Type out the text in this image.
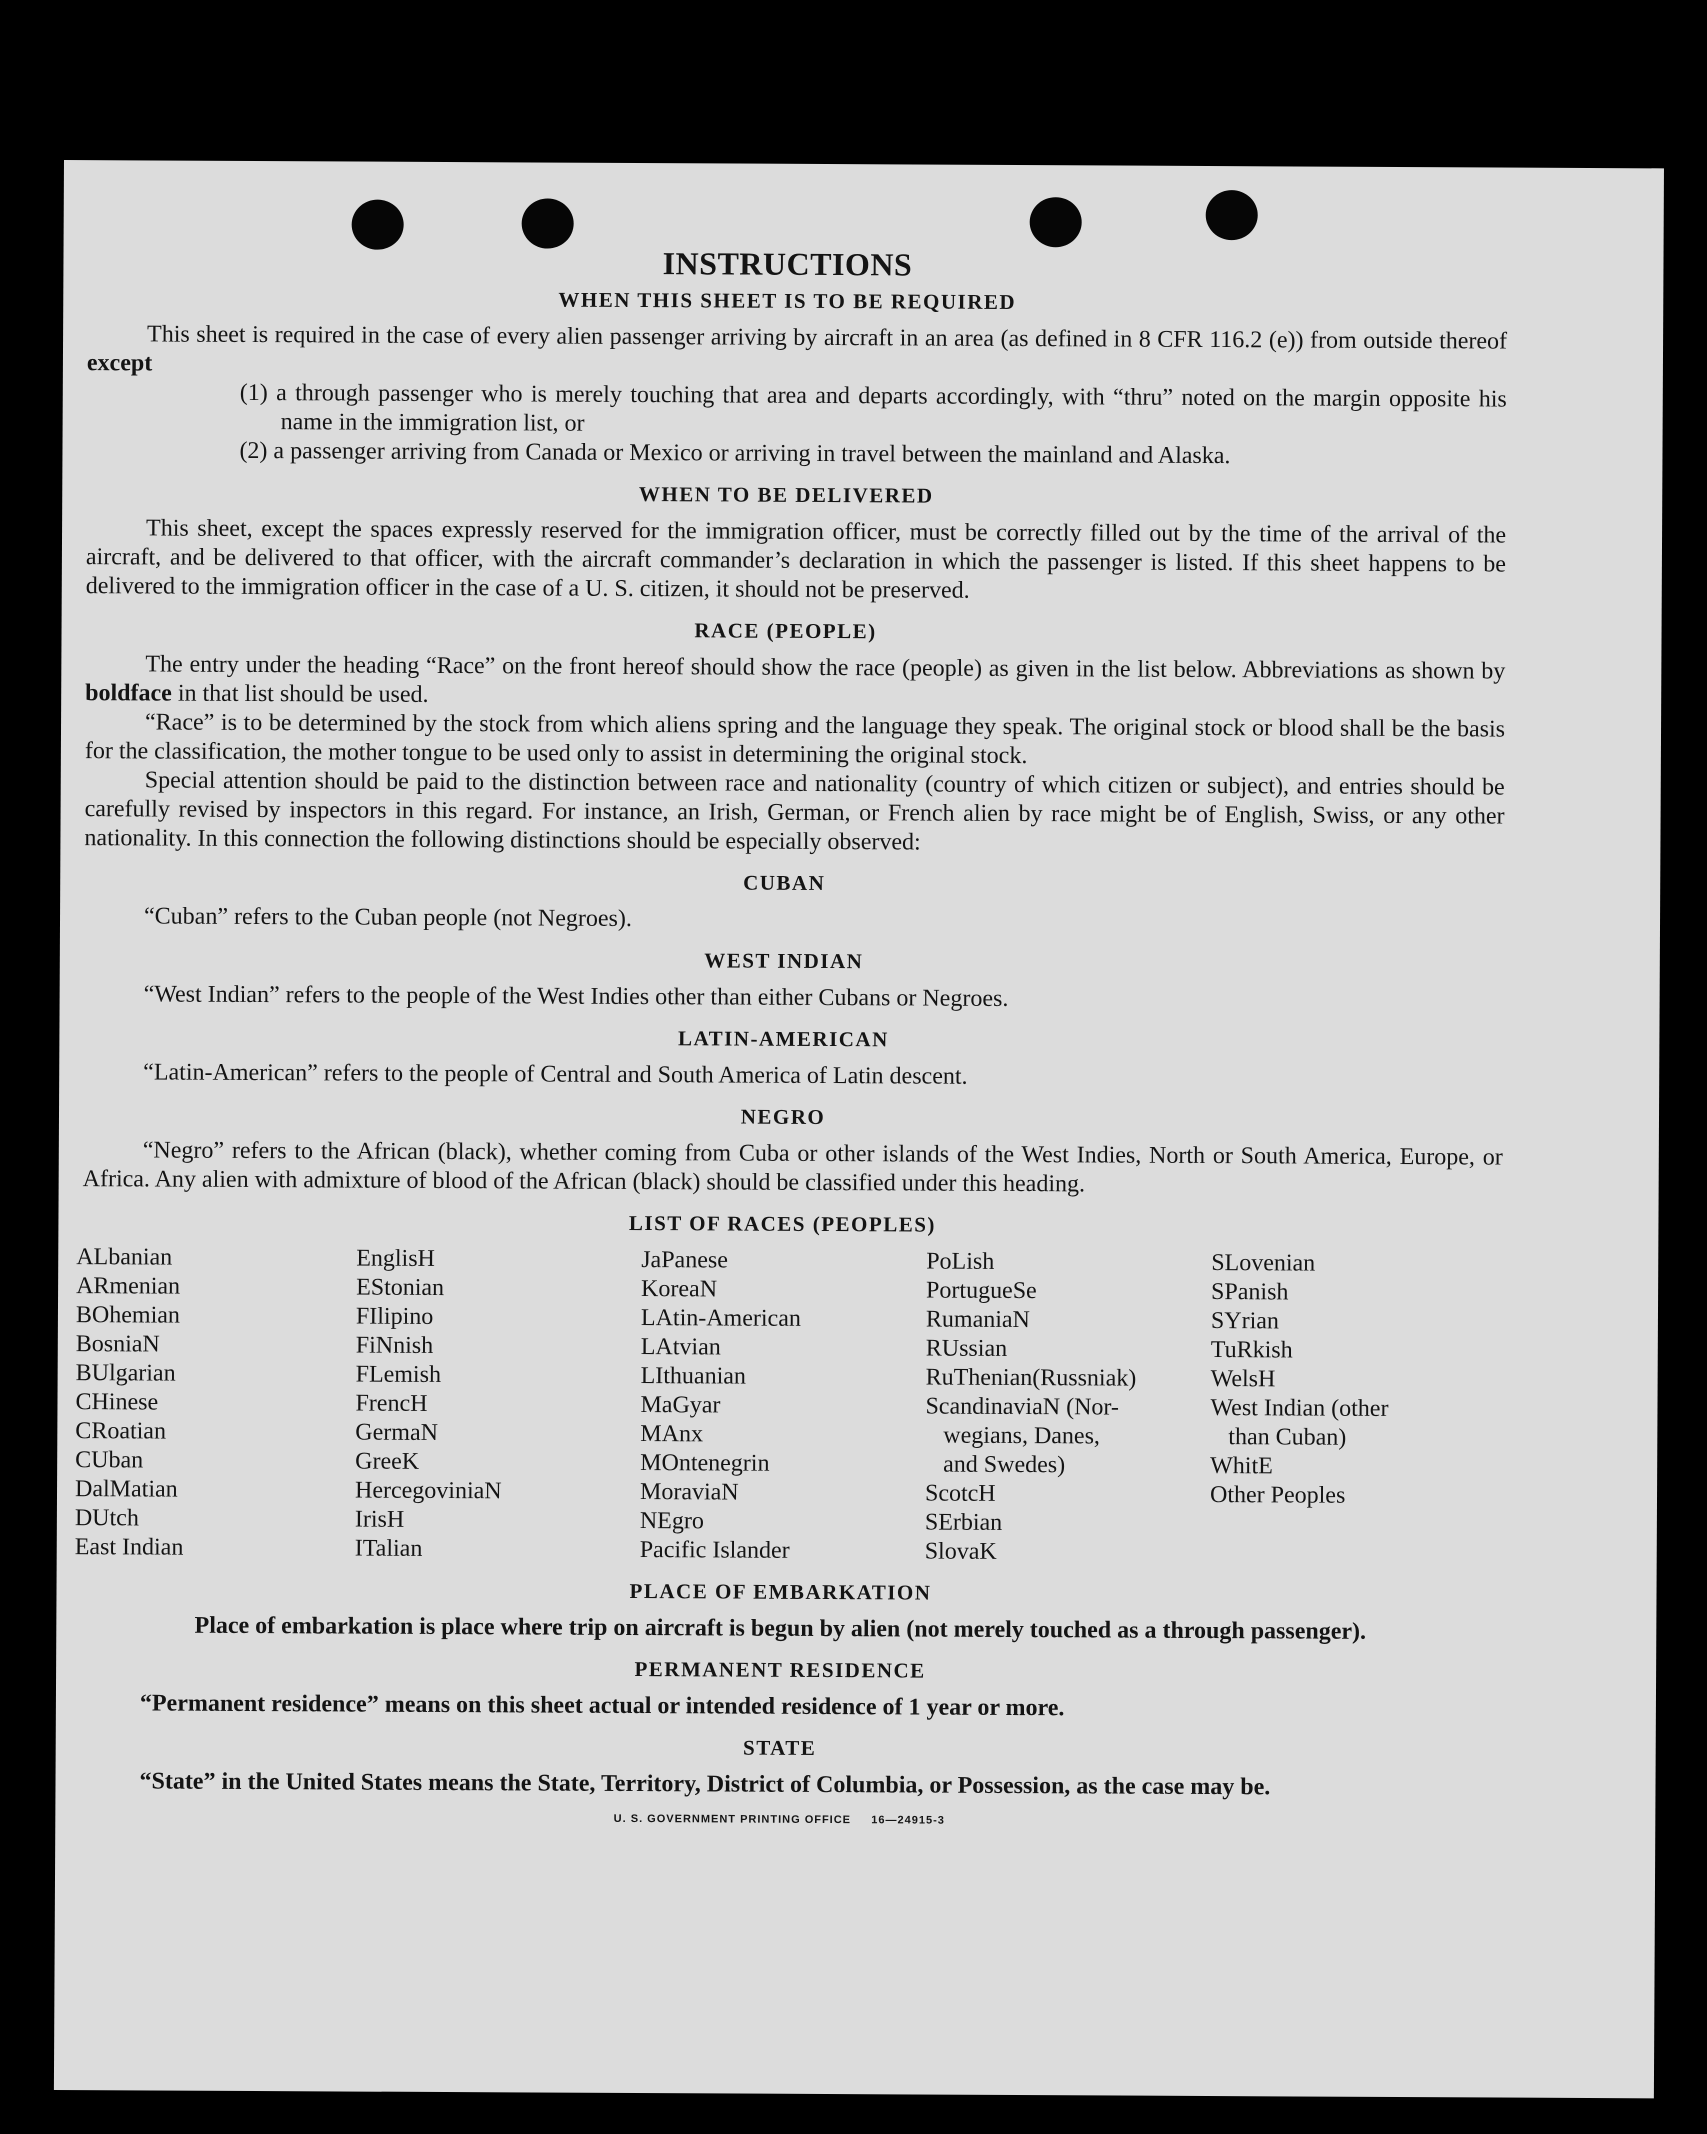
INSTRUCTIONS
WHEN THIS SHEET IS TO BE REQUIRED

This sheet is required in the case of every alien passenger arriving by aircraft in an area (as defined in 8 CFR 116.2 (e)) from outside thereof except

(1) a through passenger who is merely touching that area and departs accordingly, with “thru” noted on the margin opposite his name in the immigration list, or
(2) a passenger arriving from Canada or Mexico or arriving in travel between the mainland and Alaska.
WHEN TO BE DELIVERED

This sheet, except the spaces expressly reserved for the immigration officer, must be correctly filled out by the time of the arrival of the aircraft, and be delivered to that officer, with the aircraft commander’s declaration in which the passenger is listed. If this sheet happens to be delivered to the immigration officer in the case of a U. S. citizen, it should not be preserved.

RACE (PEOPLE)

The entry under the heading “Race” on the front hereof should show the race (people) as given in the list below. Abbreviations as shown by boldface in that list should be used.

“Race” is to be determined by the stock from which aliens spring and the language they speak. The original stock or blood shall be the basis for the classification, the mother tongue to be used only to assist in determining the original stock.

Special attention should be paid to the distinction between race and nationality (country of which citizen or subject), and entries should be carefully revised by inspectors in this regard. For instance, an Irish, German, or French alien by race might be of English, Swiss, or any other nationality. In this connection the following distinctions should be especially observed:

CUBAN

“Cuban” refers to the Cuban people (not Negroes).

WEST INDIAN

“West Indian” refers to the people of the West Indies other than either Cubans or Negroes.

LATIN-AMERICAN

“Latin-American” refers to the people of Central and South America of Latin descent.

NEGRO

“Negro” refers to the African (black), whether coming from Cuba or other islands of the West Indies, North or South America, Europe, or Africa. Any alien with admixture of blood of the African (black) should be classified under this heading.

LIST OF RACES (PEOPLES)
ALbanian	EnglisH	JaPanese	PoLish	SLovenian
ARmenian	EStonian	KoreaN	PortugueSe	SPanish
BOhemian	FIlipino	LAtin-American	RumaniaN	SYrian
BosniaN	FiNnish	LAtvian	RUssian	TuRkish
BUlgarian	FLemish	LIthuanian	RuThenian(Russniak)	WelsH
CHinese	FrencH	MaGyar	ScandinaviaN (Nor-	West Indian (other
CRoatian	GermaN	MAnx	wegians, Danes,	than Cuban)
CUban	GreeK	MOntenegrin	and Swedes)	WhitE
DalMatian	HercegoviniaN	MoraviaN	ScotcH	Other Peoples
DUtch	IrisH	NEgro	SErbian
East Indian	ITalian	Pacific Islander	SlovaK
PLACE OF EMBARKATION

Place of embarkation is place where trip on aircraft is begun by alien (not merely touched as a through passenger).

PERMANENT RESIDENCE

“Permanent residence” means on this sheet actual or intended residence of 1 year or more.

STATE

“State” in the United States means the State, Territory, District of Columbia, or Possession, as the case may be.

U. S. GOVERNMENT PRINTING OFFICE     16—24915-3
